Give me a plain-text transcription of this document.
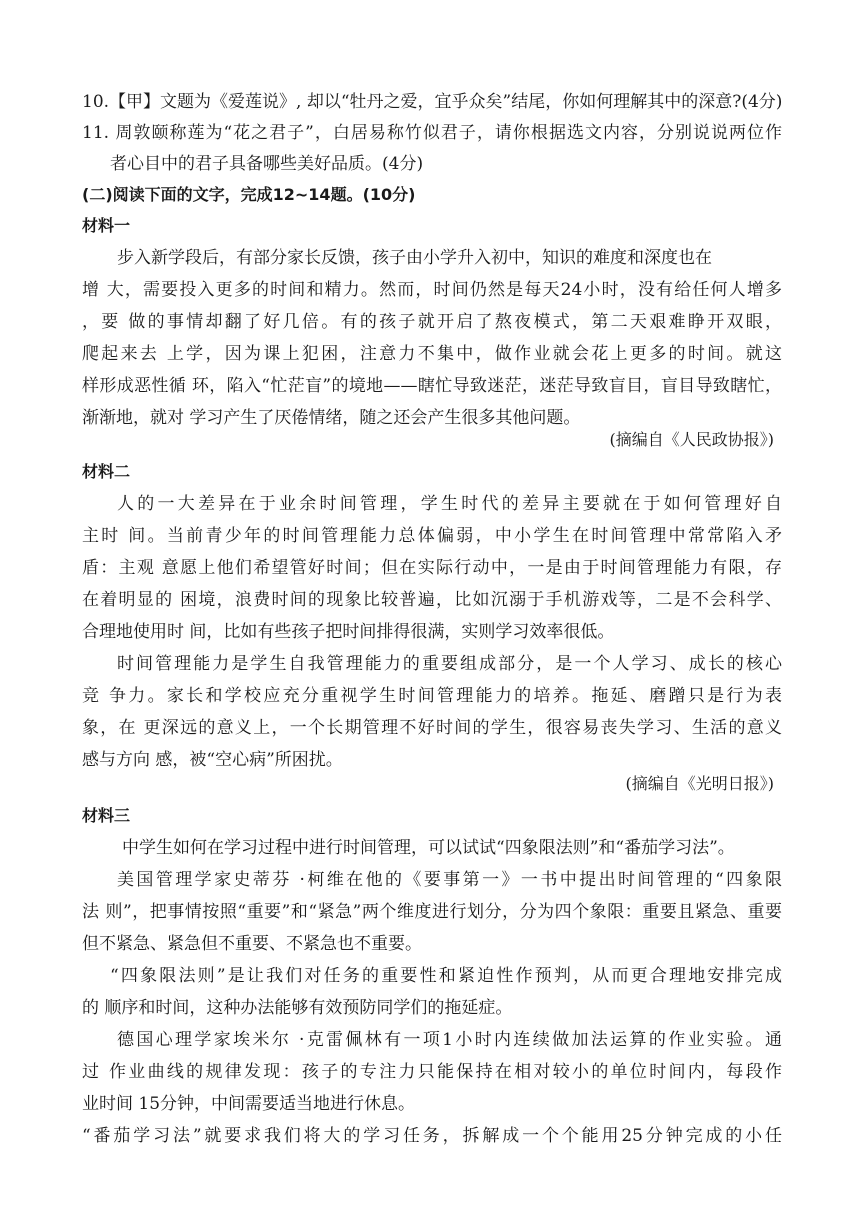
10.【甲】文题为《爱莲说》, 却以“牡丹之爱，宜乎众矣”结尾，你如何理解其中的深意?(4分)
11. 周敦颐称莲为“花之君子”，白居易称竹似君子，请你根据选文内容，分别说说两位作
者心目中的君子具备哪些美好品质。(4分)
(二)阅读下面的文字，完成12~14题。(10分)
材料一
步入新学段后，有部分家长反馈，孩子由小学升入初中，知识的难度和深度也在
增 大，需要投入更多的时间和精力。然而，时间仍然是每天24小时，没有给任何人增多
，要 做的事情却翻了好几倍。有的孩子就开启了熬夜模式，第二天艰难睁开双眼，
爬起来去 上学，因为课上犯困，注意力不集中，做作业就会花上更多的时间。就这
样形成恶性循 环，陷入“忙茫盲”的境地——瞎忙导致迷茫，迷茫导致盲目，盲目导致瞎忙，
渐渐地，就对 学习产生了厌倦情绪，随之还会产生很多其他问题。
(摘编自《人民政协报》)
材料二
人的一大差异在于业余时间管理，学生时代的差异主要就在于如何管理好自
主时 间。当前青少年的时间管理能力总体偏弱，中小学生在时间管理中常常陷入矛
盾：主观 意愿上他们希望管好时间；但在实际行动中，一是由于时间管理能力有限，存
在着明显的 困境，浪费时间的现象比较普遍，比如沉溺于手机游戏等，二是不会科学、
合理地使用时 间，比如有些孩子把时间排得很满，实则学习效率很低。
时间管理能力是学生自我管理能力的重要组成部分，是一个人学习、成长的核心
竞 争力。家长和学校应充分重视学生时间管理能力的培养。拖延、磨蹭只是行为表
象，在 更深远的意义上，一个长期管理不好时间的学生，很容易丧失学习、生活的意义
感与方向 感，被“空心病”所困扰。
(摘编自《光明日报》)
材料三
中学生如何在学习过程中进行时间管理，可以试试“四象限法则”和“番茄学习法”。
美国管理学家史蒂芬 ·柯维在他的《要事第一》一书中提出时间管理的“四象限
法 则”，把事情按照“重要”和“紧急”两个维度进行划分，分为四个象限：重要且紧急、重要
但不紧急、紧急但不重要、不紧急也不重要。
“四象限法则”是让我们对任务的重要性和紧迫性作预判，从而更合理地安排完成
的 顺序和时间，这种办法能够有效预防同学们的拖延症。
德国心理学家埃米尔 ·克雷佩林有一项1小时内连续做加法运算的作业实验。通
过 作业曲线的规律发现：孩子的专注力只能保持在相对较小的单位时间内，每段作
业时间 15分钟，中间需要适当地进行休息。
“番茄学习法”就要求我们将大的学习任务，拆解成一个个能用25分钟完成的小任
